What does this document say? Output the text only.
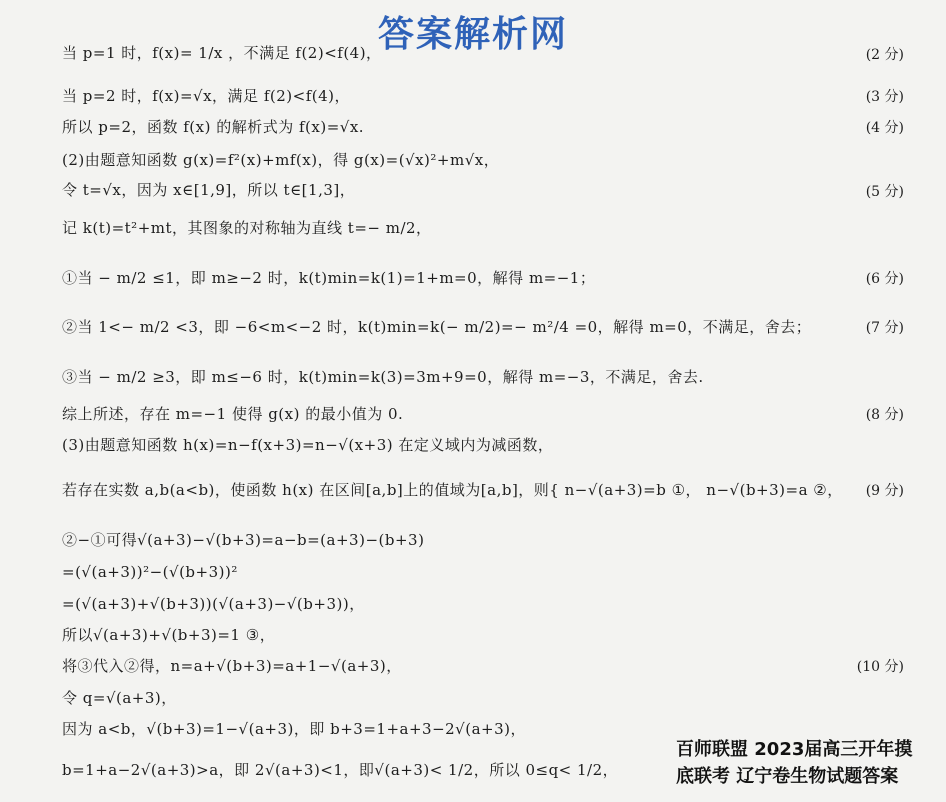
答案解析网
当 p=1 时，f(x)= 1/x ，不满足 f(2)<f(4)，	(2 分)
当 p=2 时，f(x)=√x，满足 f(2)<f(4)，	(3 分)
所以 p=2，函数 f(x) 的解析式为 f(x)=√x.	(4 分)
(2)由题意知函数 g(x)=f²(x)+mf(x)，得 g(x)=(√x)²+m√x，
令 t=√x，因为 x∈[1,9]，所以 t∈[1,3]，	(5 分)
记 k(t)=t²+mt，其图象的对称轴为直线 t=− m/2，
①当 − m/2 ≤1，即 m≥−2 时，k(t)min=k(1)=1+m=0，解得 m=−1；	(6 分)
②当 1<− m/2 <3，即 −6<m<−2 时，k(t)min=k(− m/2)=− m²/4 =0，解得 m=0，不满足，舍去；	(7 分)
③当 − m/2 ≥3，即 m≤−6 时，k(t)min=k(3)=3m+9=0，解得 m=−3，不满足，舍去.
综上所述，存在 m=−1 使得 g(x) 的最小值为 0.	(8 分)
(3)由题意知函数 h(x)=n−f(x+3)=n−√(x+3) 在定义域内为减函数，
若存在实数 a,b(a<b)，使函数 h(x) 在区间[a,b]上的值域为[a,b]，则{ n−√(a+3)=b ①， n−√(b+3)=a ②， (9 分)
②−①可得√(a+3)−√(b+3)=a−b=(a+3)−(b+3)
=(√(a+3))²−(√(b+3))²
=(√(a+3)+√(b+3))(√(a+3)−√(b+3))，
所以√(a+3)+√(b+3)=1 ③，
将③代入②得，n=a+√(b+3)=a+1−√(a+3)，	(10 分)
令 q=√(a+3)，
因为 a<b，√(b+3)=1−√(a+3)，即 b+3=1+a+3−2√(a+3)，
b=1+a−2√(a+3)>a，即 2√(a+3)<1，即√(a+3)< 1/2，所以 0≤q< 1/2，
百师联盟 2023届高三开年摸
底联考 辽宁卷生物试题答案
